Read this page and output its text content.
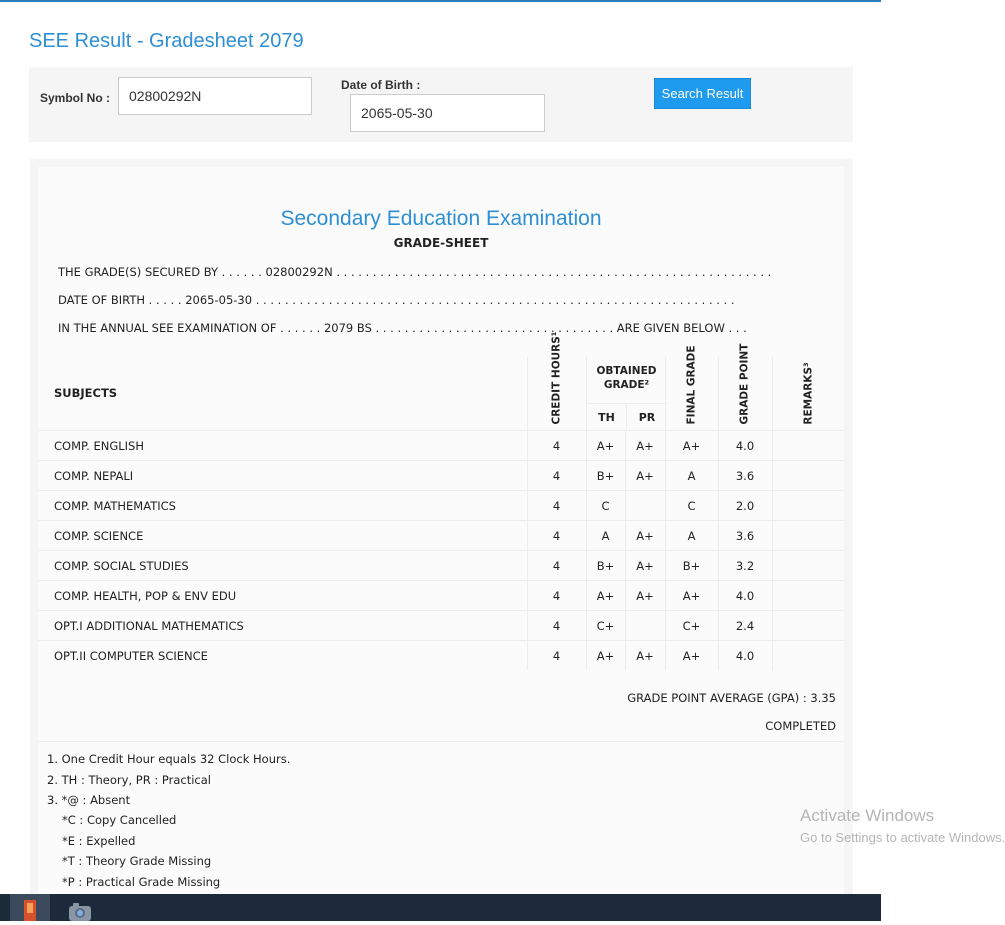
SEE Result - Gradesheet 2079
Symbol No :
02800292N
Date of Birth :
2065-05-30
Search Result
Secondary Education Examination
GRADE-SHEET
THE GRADE(S) SECURED BY . . . . . . 02800292N . . . . . . . . . . . . . . . . . . . . . . . . . . . . . . . . . . . . . . . . . . . . . . . . . . . . . . . . . . . .
DATE OF BIRTH . . . . . 2065-05-30 . . . . . . . . . . . . . . . . . . . . . . . . . . . . . . . . . . . . . . . . . . . . . . . . . . . . . . . . . . . . . . . . . .
IN THE ANNUAL SEE EXAMINATION OF . . . . . . 2079 BS . . . . . . . . . . . . . . . . . . . . . . . . . . . . . . . . . ARE GIVEN BELOW . . .
SUBJECTS	CREDIT HOURS¹	OBTAINED GRADE²
TH	PR	FINAL GRADE	GRADE POINT	REMARKS³
COMP. ENGLISH	4	A+	A+	A+	4.0	
COMP. NEPALI	4	B+	A+	A	3.6	
COMP. MATHEMATICS	4	C		C	2.0	
COMP. SCIENCE	4	A	A+	A	3.6	
COMP. SOCIAL STUDIES	4	B+	A+	B+	3.2	
COMP. HEALTH, POP & ENV EDU	4	A+	A+	A+	4.0	
OPT.I ADDITIONAL MATHEMATICS	4	C+		C+	2.4	
OPT.II COMPUTER SCIENCE	4	A+	A+	A+	4.0	
GRADE POINT AVERAGE (GPA) : 3.35
COMPLETED
1. One Credit Hour equals 32 Clock Hours.
2. TH : Theory, PR : Practical
3. *@ : Absent
*C : Copy Cancelled
*E : Expelled
*T : Theory Grade Missing
*P : Practical Grade Missing
Activate Windows
Go to Settings to activate Windows.
